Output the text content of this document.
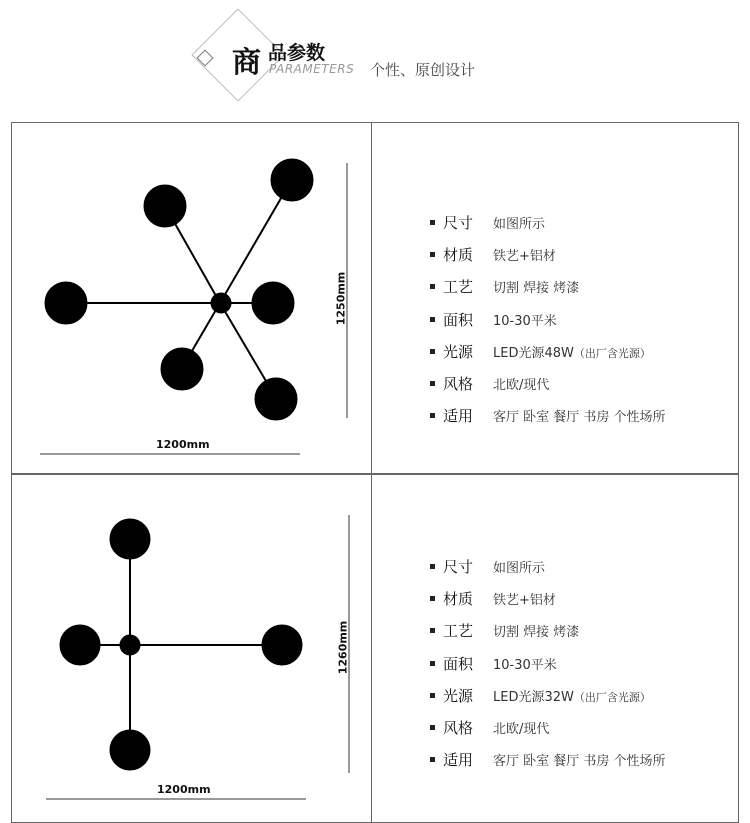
商 品参数
PARAMETERS 个性、原创设计
1200mm
1250mm
尺寸	如图所示
材质	铁艺+铝材
工艺	切割 焊接 烤漆
面积	10-30平米
光源	LED光源48W（出厂含光源）
风格	北欧/现代
适用	客厅 卧室 餐厅 书房 个性场所
1200mm
1260mm
尺寸	如图所示
材质	铁艺+铝材
工艺	切割 焊接 烤漆
面积	10-30平米
光源	LED光源32W（出厂含光源）
风格	北欧/现代
适用	客厅 卧室 餐厅 书房 个性场所
